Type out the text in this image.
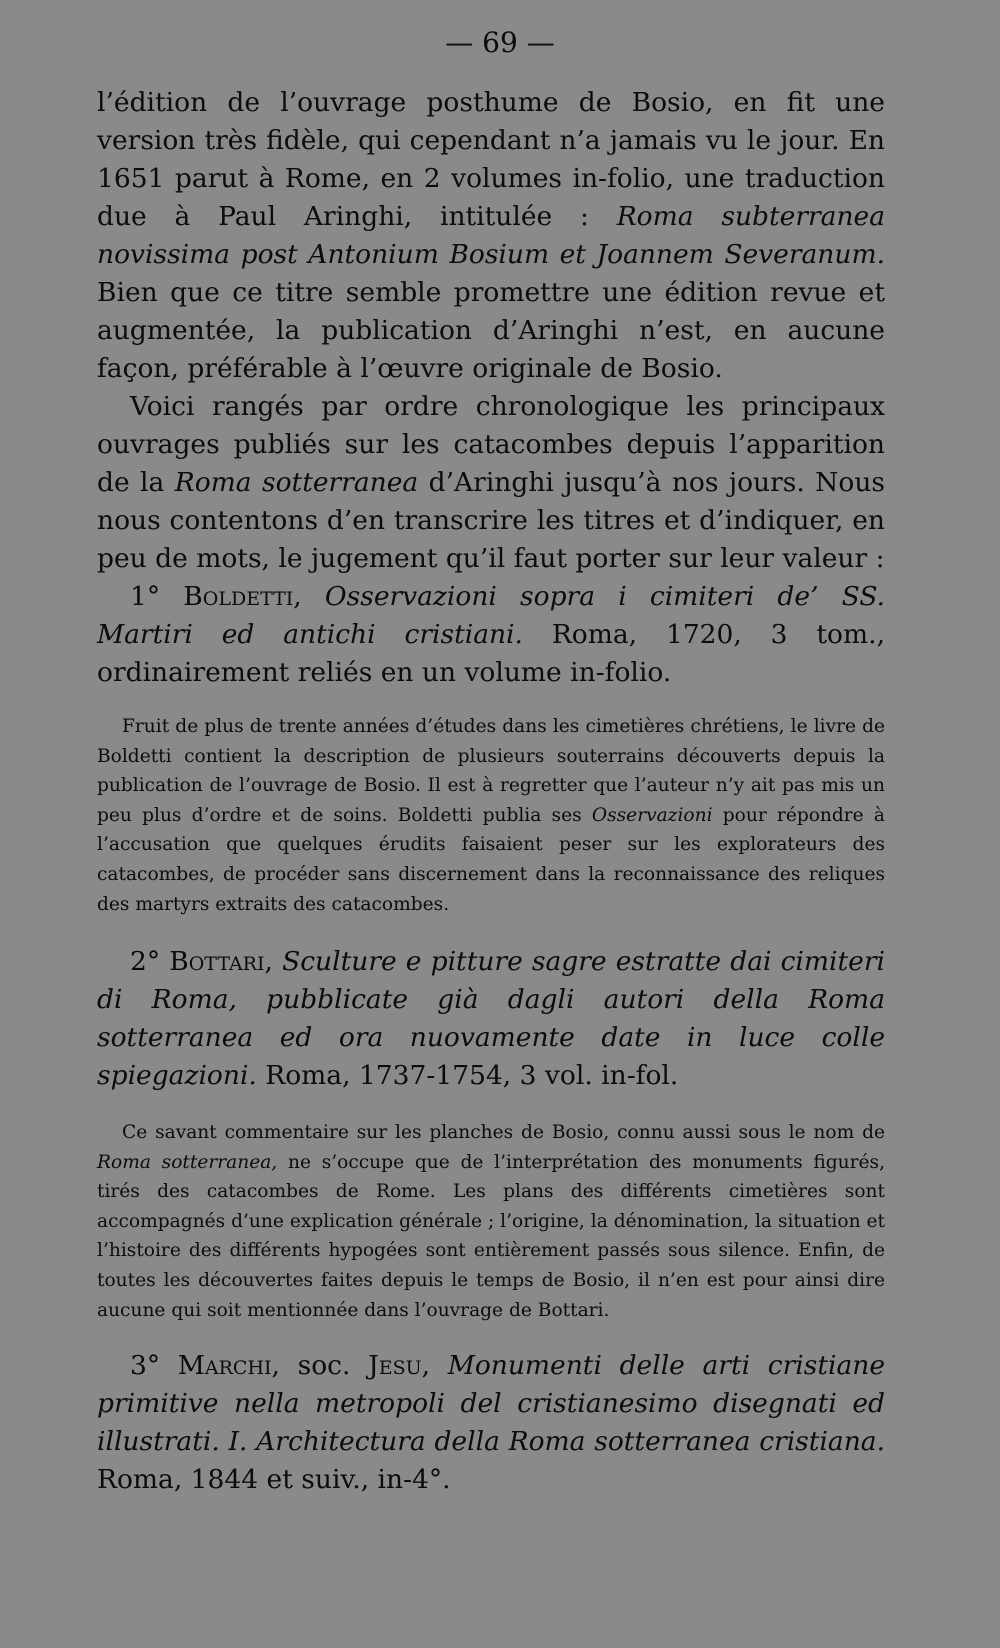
— 69 —

l’édition de l’ouvrage posthume de Bosio, en fit une version très fidèle, qui cependant n’a jamais vu le jour. En 1651 parut à Rome, en 2 volumes in-folio, une traduction due à Paul Aringhi, intitulée : Roma subterranea novissima post Antonium Bosium et Joannem Severanum. Bien que ce titre semble promettre une édition revue et augmentée, la publication d’Aringhi n’est, en aucune façon, préférable à l’œuvre originale de Bosio.

Voici rangés par ordre chronologique les principaux ouvrages publiés sur les catacombes depuis l’apparition de la Roma sotterranea d’Aringhi jusqu’à nos jours. Nous nous contentons d’en transcrire les titres et d’indiquer, en peu de mots, le jugement qu’il faut porter sur leur valeur :

1° Boldetti, Osservazioni sopra i cimiteri de’ SS. Martiri ed antichi cristiani. Roma, 1720, 3 tom., ordinairement reliés en un volume in-folio.

Fruit de plus de trente années d’études dans les cimetières chrétiens, le livre de Boldetti contient la description de plusieurs souterrains découverts depuis la publication de l’ouvrage de Bosio. Il est à regretter que l’auteur n’y ait pas mis un peu plus d’ordre et de soins. Boldetti publia ses Osservazioni pour répondre à l’accusation que quelques érudits faisaient peser sur les explorateurs des catacombes, de procéder sans discernement dans la reconnaissance des reliques des martyrs extraits des catacombes.

2° Bottari, Sculture e pitture sagre estratte dai cimiteri di Roma, pubblicate già dagli autori della Roma sotterranea ed ora nuovamente date in luce colle spiegazioni. Roma, 1737-1754, 3 vol. in-fol.

Ce savant commentaire sur les planches de Bosio, connu aussi sous le nom de Roma sotterranea, ne s’occupe que de l’interprétation des monuments figurés, tirés des catacombes de Rome. Les plans des différents cimetières sont accompagnés d’une explication générale ; l’origine, la dénomination, la situation et l’histoire des différents hypogées sont entièrement passés sous silence. Enfin, de toutes les découvertes faites depuis le temps de Bosio, il n’en est pour ainsi dire aucune qui soit mentionnée dans l’ouvrage de Bottari.

3° Marchi, soc. Jesu, Monumenti delle arti cristiane primitive nella metropoli del cristianesimo disegnati ed illustrati. I. Architectura della Roma sotterranea cristiana. Roma, 1844 et suiv., in-4°.
